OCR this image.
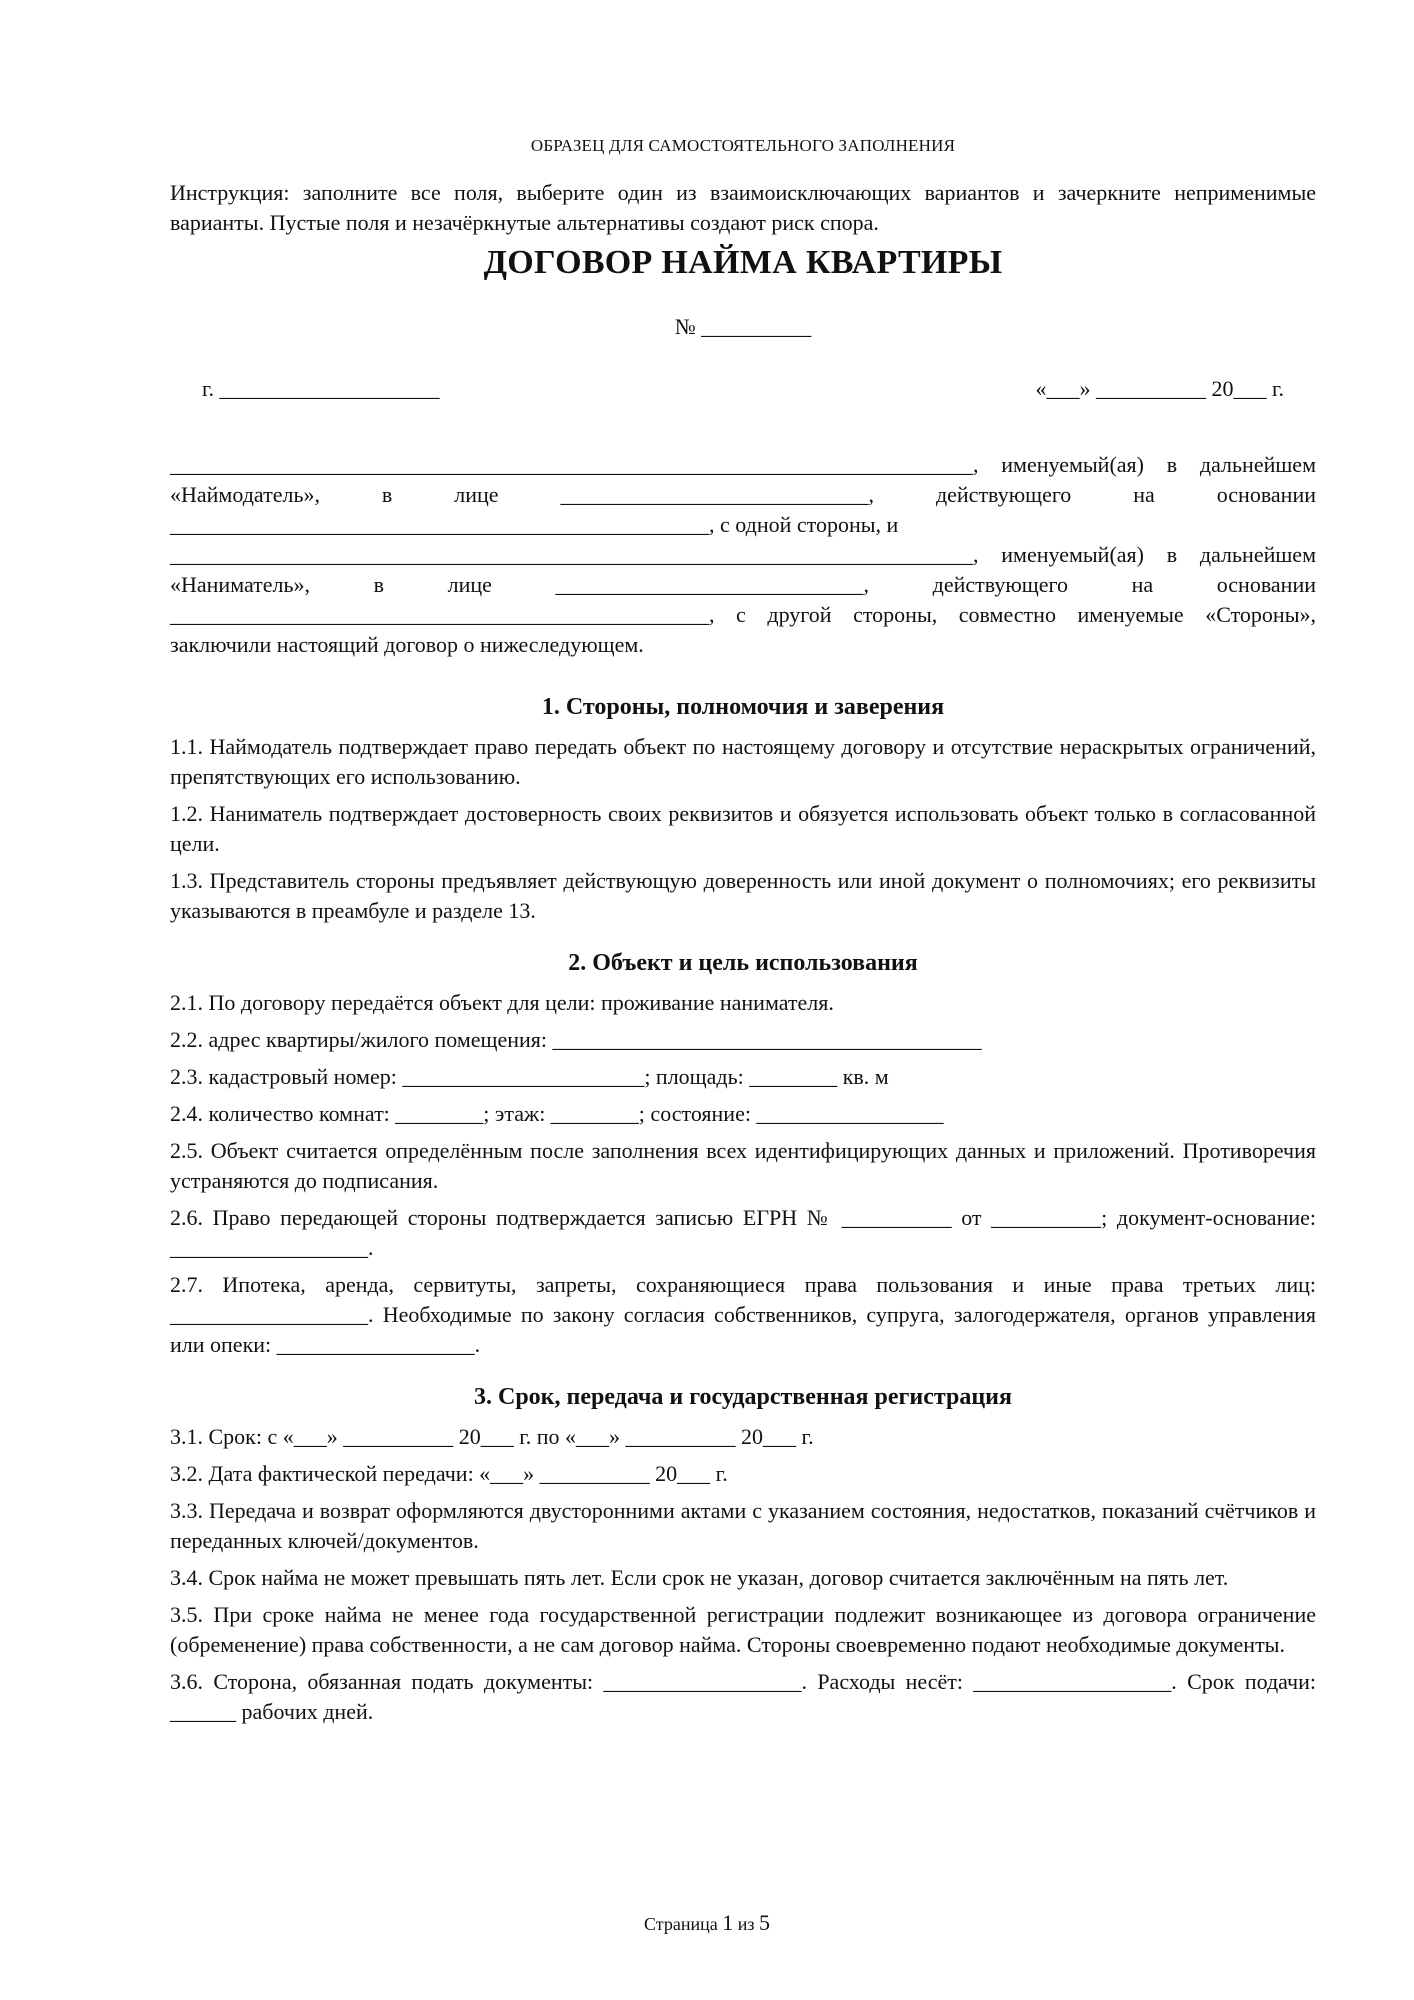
ОБРАЗЕЦ ДЛЯ САМОСТОЯТЕЛЬНОГО ЗАПОЛНЕНИЯ
Инструкция: заполните все поля, выберите один из взаимоисключающих вариантов и зачеркните неприменимые варианты. Пустые поля и незачёркнутые альтернативы создают риск спора.
ДОГОВОР НАЙМА КВАРТИРЫ
№ __________
г. ____________________	«___» __________ 20___ г.

_________________________________________________________________________, именуемый(ая) в дальнейшем «Наймодатель», в лице ____________________________, действующего на основании _________________________________________________, с одной стороны, и

_________________________________________________________________________, именуемый(ая) в дальнейшем «Наниматель», в лице ____________________________, действующего на основании _________________________________________________, с другой стороны, совместно именуемые «Стороны», заключили настоящий договор о нижеследующем.

1. Стороны, полномочия и заверения

1.1. Наймодатель подтверждает право передать объект по настоящему договору и отсутствие нераскрытых ограничений, препятствующих его использованию.

1.2. Наниматель подтверждает достоверность своих реквизитов и обязуется использовать объект только в согласованной цели.

1.3. Представитель стороны предъявляет действующую доверенность или иной документ о полномочиях; его реквизиты указываются в преамбуле и разделе 13.

2. Объект и цель использования

2.1. По договору передаётся объект для цели: проживание нанимателя.

2.2. адрес квартиры/жилого помещения: _______________________________________

2.3. кадастровый номер: ______________________; площадь: ________ кв. м

2.4. количество комнат: ________; этаж: ________; состояние: _________________

2.5. Объект считается определённым после заполнения всех идентифицирующих данных и приложений. Противоречия устраняются до подписания.

2.6. Право передающей стороны подтверждается записью ЕГРН № __________ от __________; документ-основание: __________________.

2.7. Ипотека, аренда, сервитуты, запреты, сохраняющиеся права пользования и иные права третьих лиц: __________________. Необходимые по закону согласия собственников, супруга, залогодержателя, органов управления или опеки: __________________.

3. Срок, передача и государственная регистрация

3.1. Срок: с «___» __________ 20___ г. по «___» __________ 20___ г.

3.2. Дата фактической передачи: «___» __________ 20___ г.

3.3. Передача и возврат оформляются двусторонними актами с указанием состояния, недостатков, показаний счётчиков и переданных ключей/документов.

3.4. Срок найма не может превышать пять лет. Если срок не указан, договор считается заключённым на пять лет.

3.5. При сроке найма не менее года государственной регистрации подлежит возникающее из договора ограничение (обременение) права собственности, а не сам договор найма. Стороны своевременно подают необходимые документы.

3.6. Сторона, обязанная подать документы: __________________. Расходы несёт: __________________. Срок подачи: ______ рабочих дней.

Страница 1 из 5
